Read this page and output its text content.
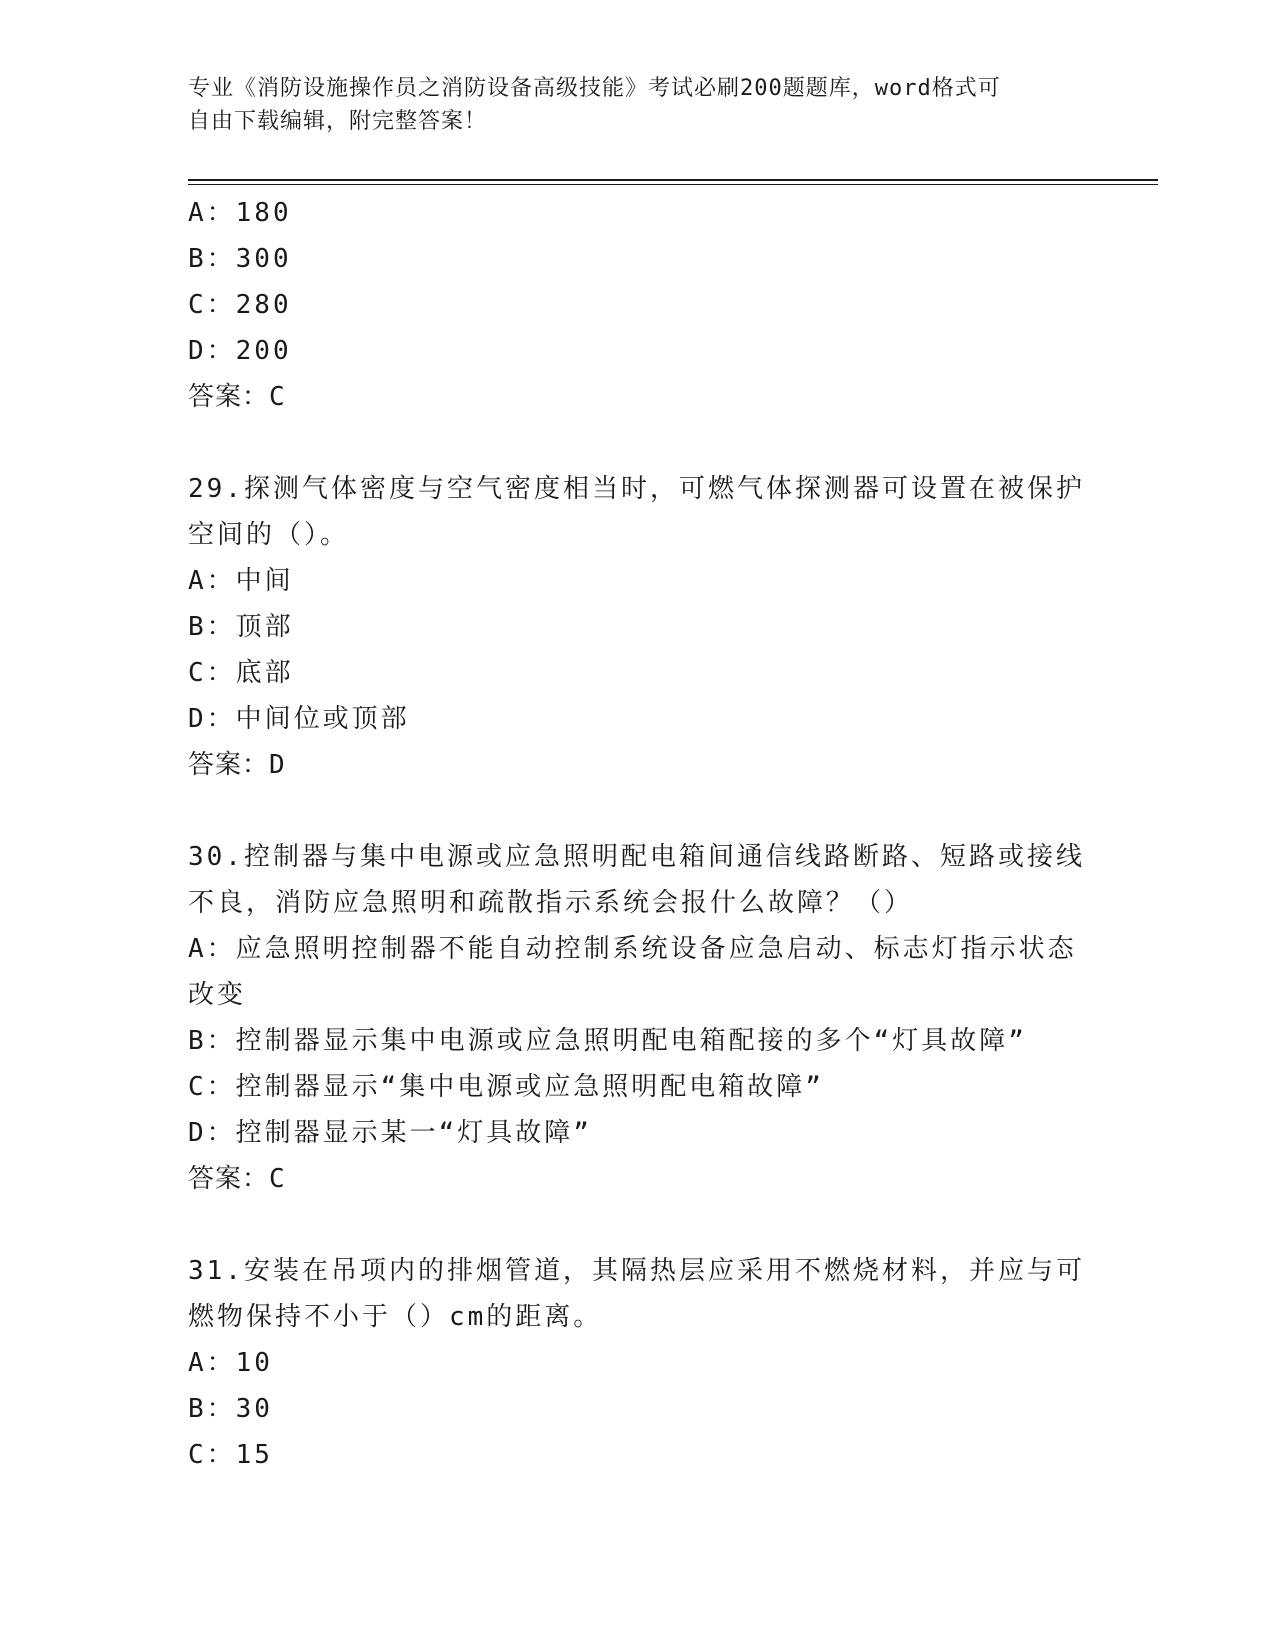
专业《消防设施操作员之消防设备高级技能》考试必刷200题题库，word格式可
自由下载编辑，附完整答案！
A：180
B：300
C：280
D：200
答案：C
29.探测气体密度与空气密度相当时，可燃气体探测器可设置在被保护
空间的（）。
A：中间
B：顶部
C：底部
D：中间位或顶部
答案：D
30.控制器与集中电源或应急照明配电箱间通信线路断路、短路或接线
不良，消防应急照明和疏散指示系统会报什么故障？（）
A：应急照明控制器不能自动控制系统设备应急启动、标志灯指示状态
改变
B：控制器显示集中电源或应急照明配电箱配接的多个“灯具故障”
C：控制器显示“集中电源或应急照明配电箱故障”
D：控制器显示某一“灯具故障”
答案：C
31.安装在吊项内的排烟管道，其隔热层应采用不燃烧材料，并应与可
燃物保持不小于（）cm的距离。
A：10
B：30
C：15
